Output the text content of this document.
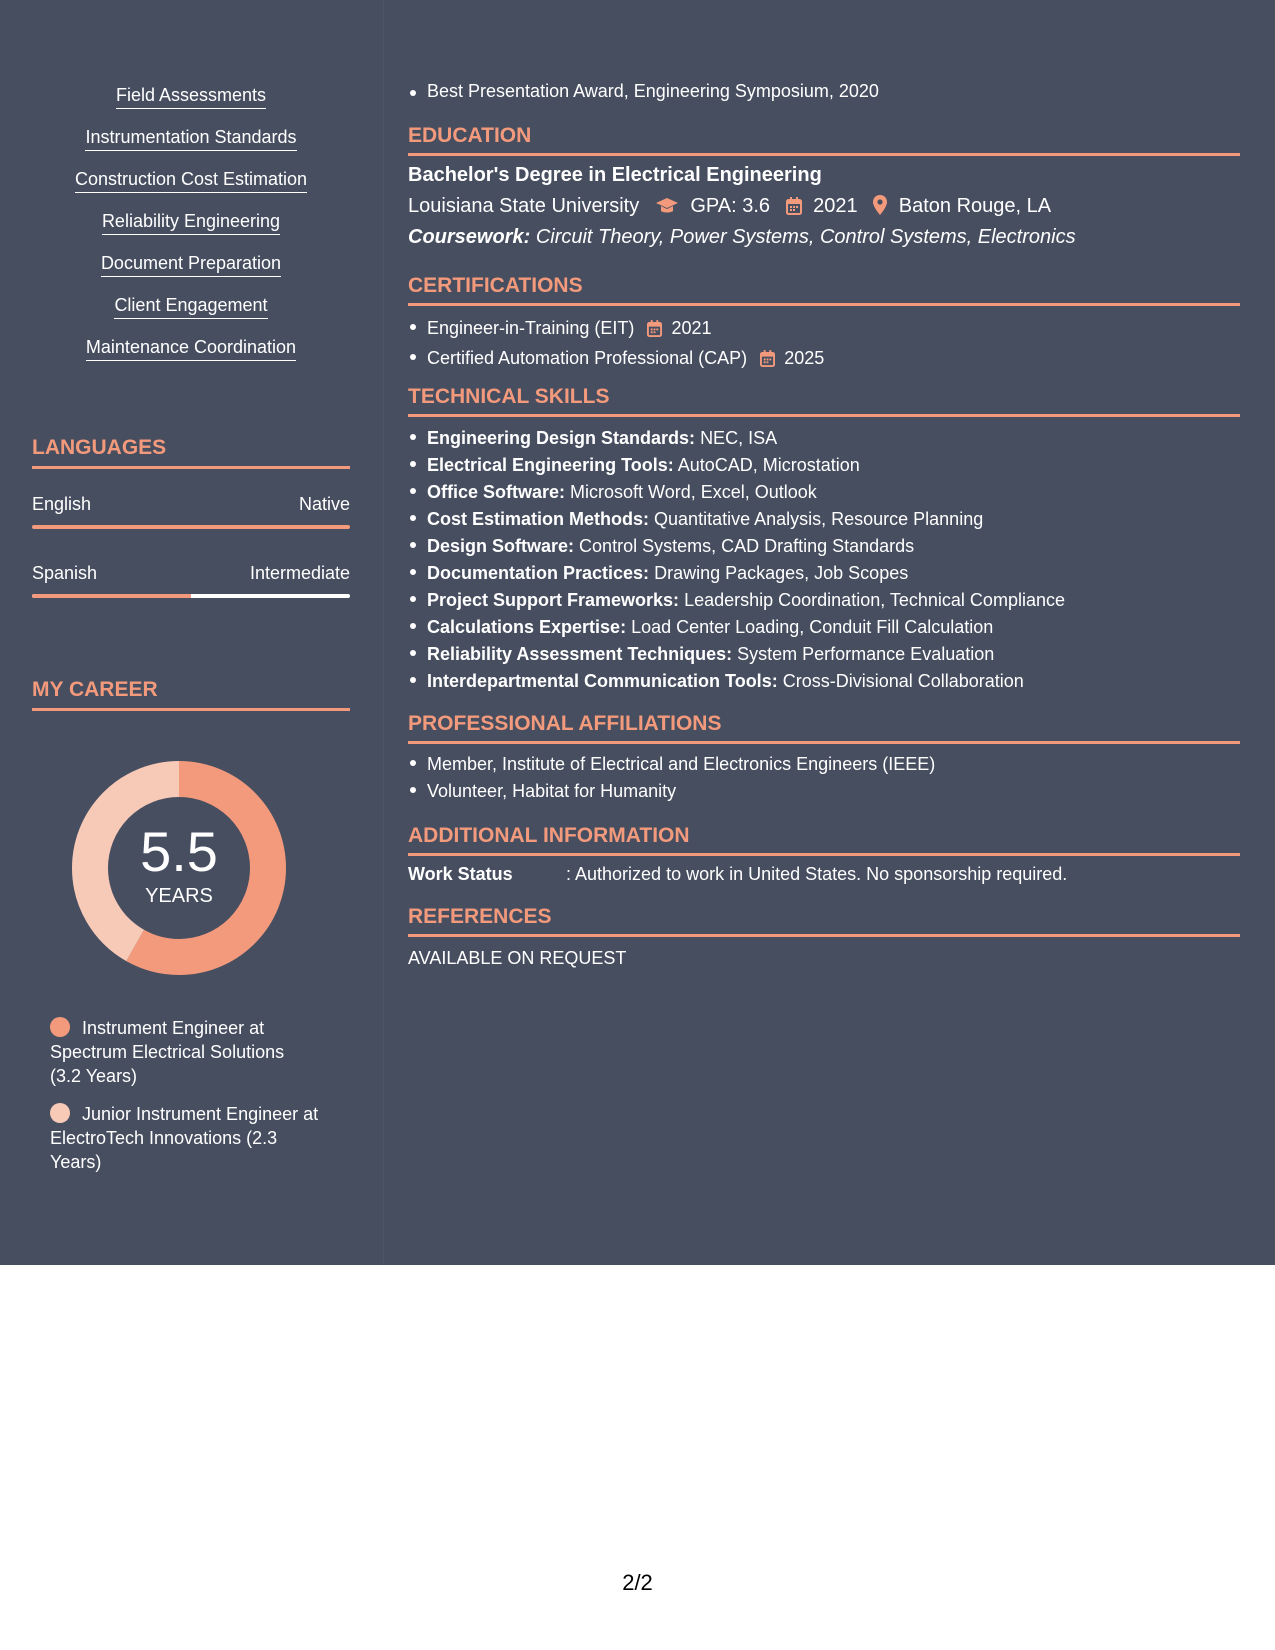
Field Assessments
Instrumentation Standards
Construction Cost Estimation
Reliability Engineering
Document Preparation
Client Engagement
Maintenance Coordination
LANGUAGES
English	Native
Spanish	Intermediate
MY CAREER
5.5
YEARS
Instrument Engineer at Spectrum Electrical Solutions (3.2 Years)
Junior Instrument Engineer at ElectroTech Innovations (2.3 Years)
Best Presentation Award, Engineering Symposium, 2020
EDUCATION
Bachelor's Degree in Electrical Engineering
Louisiana State University	GPA: 3.6 2021 Baton Rouge, LA
Coursework: Circuit Theory, Power Systems, Control Systems, Electronics
CERTIFICATIONS
Engineer-in-Training (EIT) 2021
Certified Automation Professional (CAP) 2025
TECHNICAL SKILLS
Engineering Design Standards: NEC, ISA
Electrical Engineering Tools: AutoCAD, Microstation
Office Software: Microsoft Word, Excel, Outlook
Cost Estimation Methods: Quantitative Analysis, Resource Planning
Design Software: Control Systems, CAD Drafting Standards
Documentation Practices: Drawing Packages, Job Scopes
Project Support Frameworks: Leadership Coordination, Technical Compliance
Calculations Expertise: Load Center Loading, Conduit Fill Calculation
Reliability Assessment Techniques: System Performance Evaluation
Interdepartmental Communication Tools: Cross-Divisional Collaboration
PROFESSIONAL AFFILIATIONS
Member, Institute of Electrical and Electronics Engineers (IEEE)
Volunteer, Habitat for Humanity
ADDITIONAL INFORMATION
Work Status	: Authorized to work in United States. No sponsorship required.
REFERENCES
AVAILABLE ON REQUEST
2/2
